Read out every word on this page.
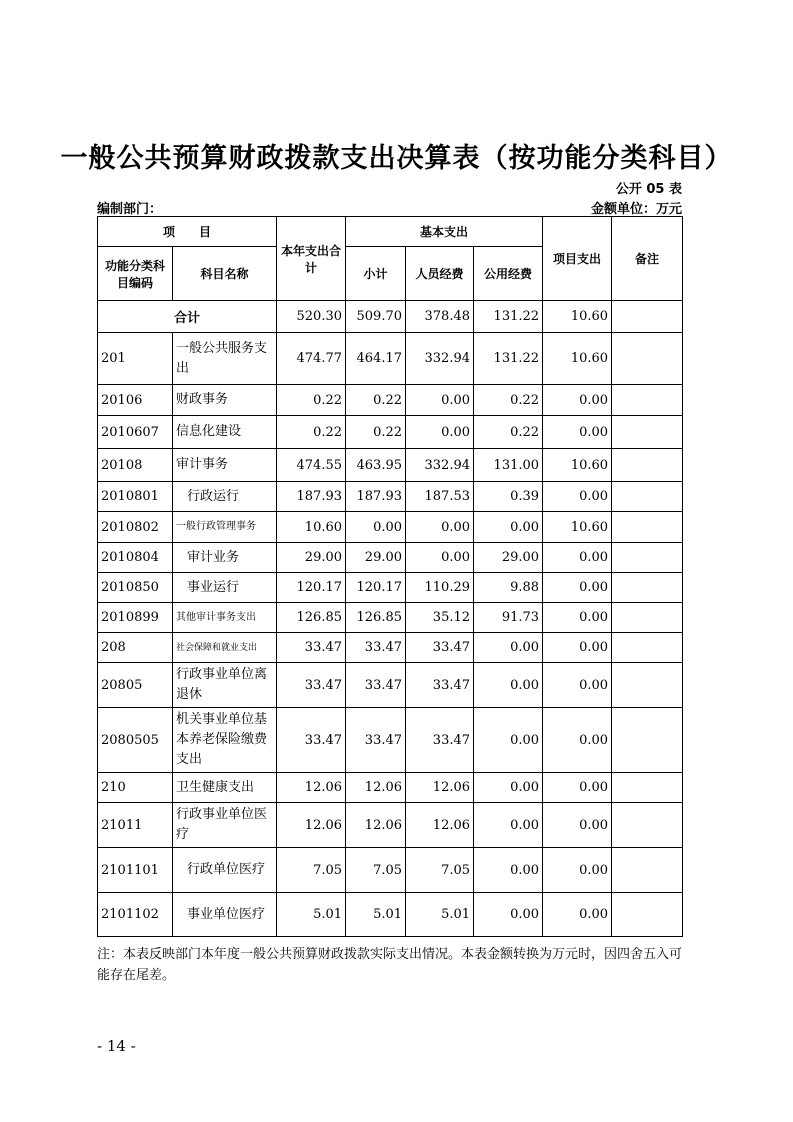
一般公共预算财政拨款支出决算表（按功能分类科目）
公开 05 表
编制部门：	金额单位：万元
项　　目		本年支出合计	基本支出			项目支出	备注
功能分类科目编码	科目名称		小计	人员经费	公用经费		
合计		520.30	509.70	378.48	131.22	10.60	
201	一般公共服务支出	474.77	464.17	332.94	131.22	10.60	
20106	财政事务	0.22	0.22	0.00	0.22	0.00	
2010607	信息化建设	0.22	0.22	0.00	0.22	0.00	
20108	审计事务	474.55	463.95	332.94	131.00	10.60	
2010801	行政运行	187.93	187.93	187.53	0.39	0.00	
2010802	一般行政管理事务	10.60	0.00	0.00	0.00	10.60	
2010804	审计业务	29.00	29.00	0.00	29.00	0.00	
2010850	事业运行	120.17	120.17	110.29	9.88	0.00	
2010899	其他审计事务支出	126.85	126.85	35.12	91.73	0.00	
208	社会保障和就业支出	33.47	33.47	33.47	0.00	0.00	
20805	行政事业单位离退休	33.47	33.47	33.47	0.00	0.00	
2080505	机关事业单位基本养老保险缴费支出	33.47	33.47	33.47	0.00	0.00	
210	卫生健康支出	12.06	12.06	12.06	0.00	0.00	
21011	行政事业单位医疗	12.06	12.06	12.06	0.00	0.00	
2101101	行政单位医疗	7.05	7.05	7.05	0.00	0.00	
2101102	事业单位医疗	5.01	5.01	5.01	0.00	0.00	
注：本表反映部门本年度一般公共预算财政拨款实际支出情况。本表金额转换为万元时，因四舍五入可能存在尾差。
- 14 -
